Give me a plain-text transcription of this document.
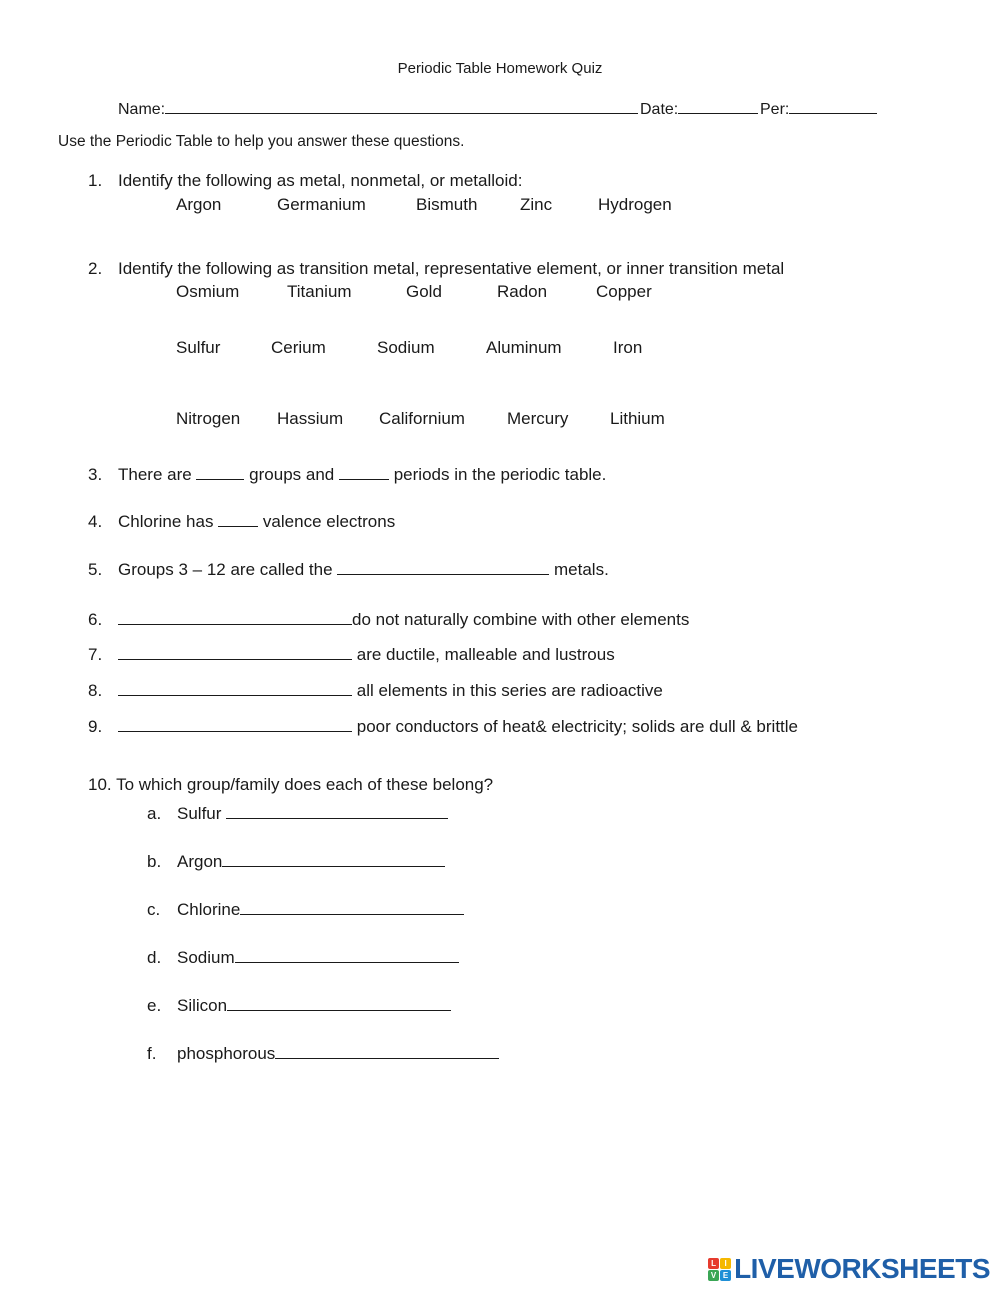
Periodic Table Homework Quiz
Name:	Date:	Per:
Use the Periodic Table to help you answer these questions.
1. Identify the following as metal, nonmetal, or metalloid:
Argon	Germanium	Bismuth	Zinc	Hydrogen
2. Identify the following as transition metal, representative element, or inner transition metal
Osmium	Titanium	Gold	Radon	Copper
Sulfur	Cerium	Sodium	Aluminum	Iron
Nitrogen Hassium Californium Mercury Lithium
3. There are	groups and	periods in the periodic table.
4. Chlorine has	valence electrons
5. Groups 3 – 12 are called the	metals.
6.	do not naturally combine with other elements
7.	are ductile, malleable and lustrous
8.	all elements in this series are radioactive
9.	poor conductors of heat& electricity; solids are dull & brittle
10. To which group/family does each of these belong?
a. Sulfur
b. Argon
c. Chlorine
d. Sodium
e. Silicon
f. phosphorous
L	I
V E LIVEWORKSHEETS
